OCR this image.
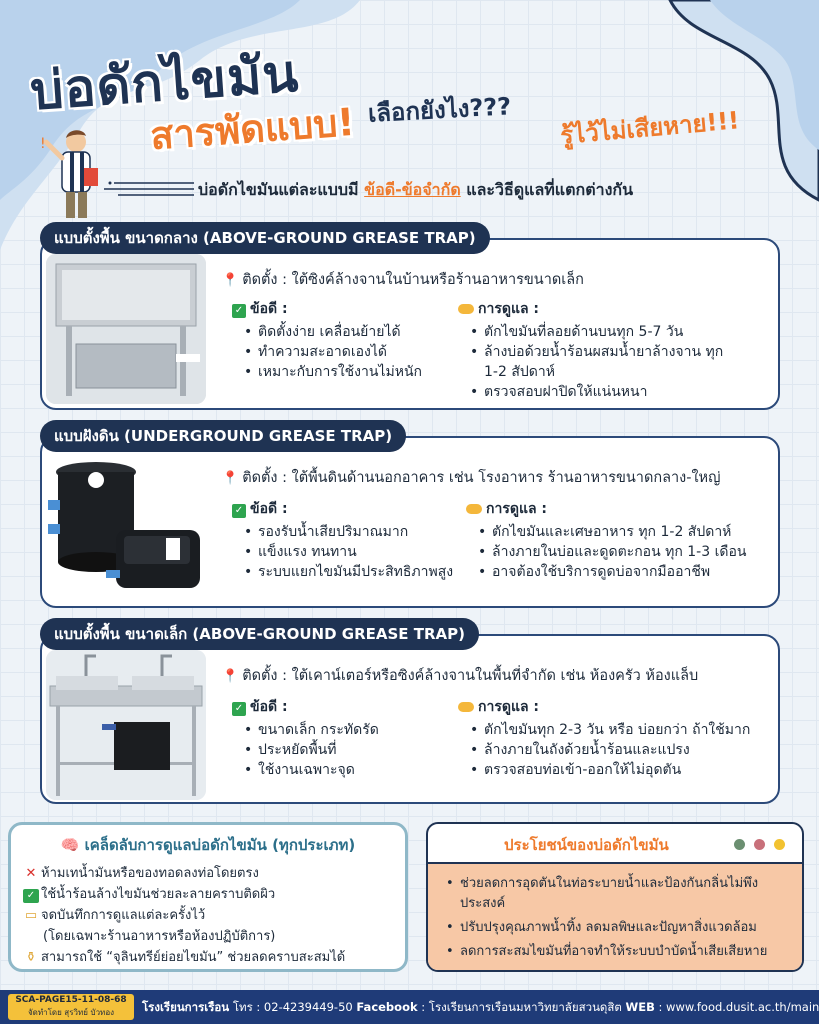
บ่อดักไขมัน
สารพัดแบบ! เลือกยังไง??? รู้ไว้ไม่เสียหาย!!!
!
บ่อดักไขมันแต่ละแบบมี ข้อดี-ข้อจำกัด และวิธีดูแลที่แตกต่างกัน
แบบตั้งพื้น ขนาดกลาง (ABOVE-GROUND GREASE TRAP)
📍 ติดตั้ง : ใต้ซิงค์ล้างจานในบ้านหรือร้านอาหารขนาดเล็ก
✓ ข้อดี :
• ติดตั้งง่าย เคลื่อนย้ายได้
• ทำความสะอาดเองได้
• เหมาะกับการใช้งานไม่หนัก
การดูแล :
• ตักไขมันที่ลอยด้านบนทุก 5-7 วัน
• ล้างบ่อด้วยน้ำร้อนผสมน้ำยาล้างจาน ทุก 1-2 สัปดาห์
• ตรวจสอบฝาปิดให้แน่นหนา
แบบฝังดิน (UNDERGROUND GREASE TRAP)
📍 ติดตั้ง : ใต้พื้นดินด้านนอกอาคาร เช่น โรงอาหาร ร้านอาหารขนาดกลาง-ใหญ่
✓ ข้อดี :
• รองรับน้ำเสียปริมาณมาก
• แข็งแรง ทนทาน
• ระบบแยกไขมันมีประสิทธิภาพสูง
การดูแล :
• ตักไขมันและเศษอาหาร ทุก 1-2 สัปดาห์
• ล้างภายในบ่อและดูดตะกอน ทุก 1-3 เดือน
• อาจต้องใช้บริการดูดบ่อจากมืออาชีพ
แบบตั้งพื้น ขนาดเล็ก (ABOVE-GROUND GREASE TRAP)
📍 ติดตั้ง : ใต้เคาน์เตอร์หรือซิงค์ล้างจานในพื้นที่จำกัด เช่น ห้องครัว ห้องแล็บ
✓ ข้อดี :
• ขนาดเล็ก กระทัดรัด
• ประหยัดพื้นที่
• ใช้งานเฉพาะจุด
การดูแล :
• ตักไขมันทุก 2-3 วัน หรือ บ่อยกว่า ถ้าใช้มาก
• ล้างภายในถังด้วยน้ำร้อนและแปรง
• ตรวจสอบท่อเข้า-ออกให้ไม่อุดตัน
🧠 เคล็ดลับการดูแลบ่อดักไขมัน (ทุกประเภท)
✕ ห้ามเทน้ำมันหรือของทอดลงท่อโดยตรง
✓ ใช้น้ำร้อนล้างไขมันช่วยละลายคราบติดผิว
▭ จดบันทึกการดูแลแต่ละครั้งไว้
(โดยเฉพาะร้านอาหารหรือห้องปฏิบัติการ)
⚱ สามารถใช้ “จุลินทรีย์ย่อยไขมัน” ช่วยลดคราบสะสมได้
ประโยชน์ของบ่อดักไขมัน
• ช่วยลดการอุดตันในท่อระบายน้ำและป้องกันกลิ่นไม่พึงประสงค์
• ปรับปรุงคุณภาพน้ำทิ้ง ลดมลพิษและปัญหาสิ่งแวดล้อม
• ลดการสะสมไขมันที่อาจทำให้ระบบบำบัดน้ำเสียเสียหาย
SCA-PAGE15-11-08-68
จัดทำโดย สุรวิทย์ บัวทอง	โรงเรียนการเรือน โทร : 02-4239449-50 Facebook : โรงเรียนการเรือนมหาวิทยาลัยสวนดุสิต WEB : www.food.dusit.ac.th/main
